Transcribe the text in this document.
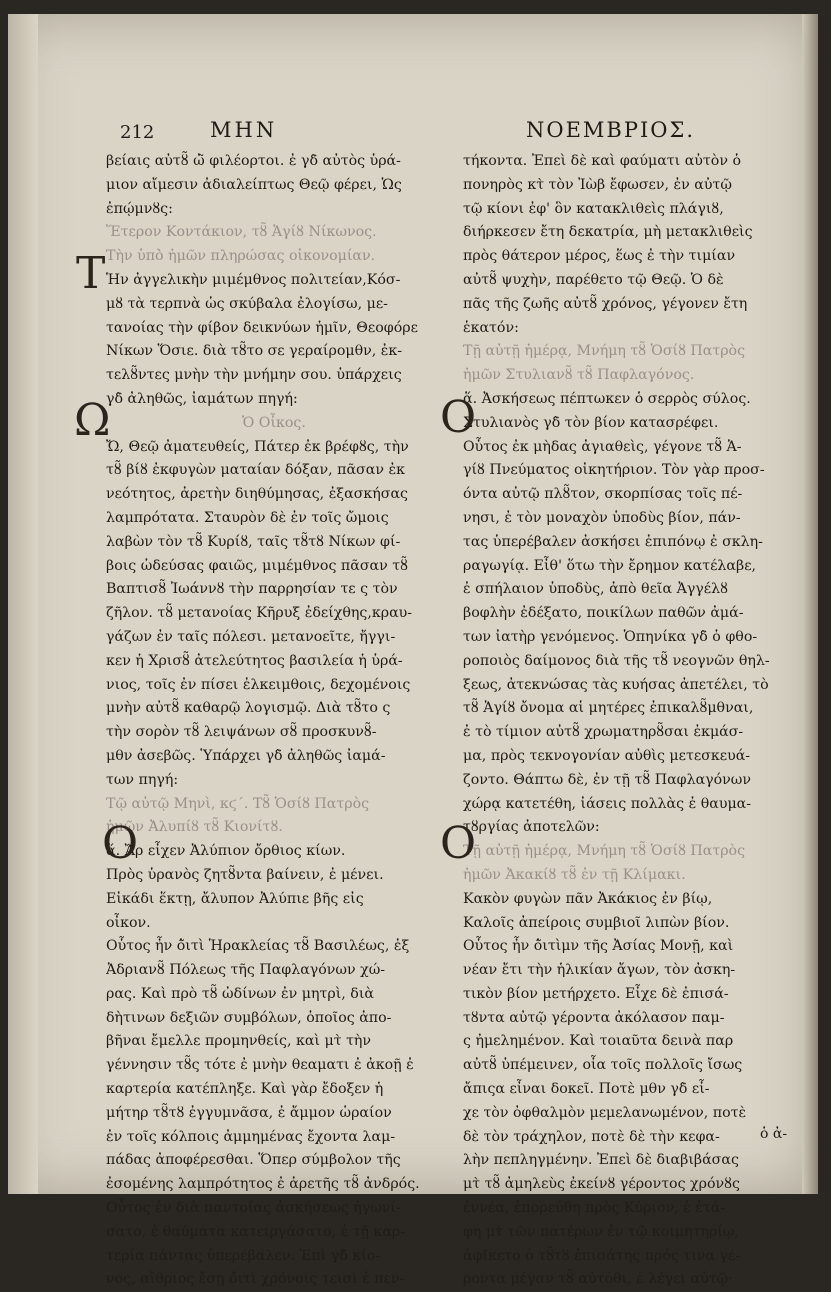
212	ΜΗΝ	ΝΟΕΜΒΡΙΟΣ.
βείαις αὐτȣ̃ ὠ̃ φιλέορτοι. ἐ γδ̀ αὐτὸς ὑρά-
μιον αἴμεσιν ἀδιαλείπτως Θεῷ φέρει, Ὡς
ἐπῴμνȣς:
Ἕτερον Κοντάκιον, τȣ̃ Ἁγίȣ Νίκωνος.
Τὴν ὑπὸ̀ ἡμῶν πληρώσας οἰκονομίαν.
Ἡν ἀγγελικὴν μιμέμθνος πολιτείαν,Κόσ-
μȣ τὰ τερπνὰ ὡς σκύβαλα ἐλογίσω, με-
τανοίας τὴν φίβον δεικνύων ἡμῖν, Θεοφόρε
Νίκων Ὅσιε. διὰ τȣ̃το σε γεραίρομθν, ἐκ-
τελȣ̃ντες μνὴν τὴν μνήμην σου. ὑπάρχεις
γδ̀ ἀληθῶς, ἰαμάτων πηγή:
Ὁ Οἶκος.
Ὤ, Θεῷ ἀματευθείς, Πάτερ ἐκ βρέφȣς, τὴν
τȣ̃ βίȣ ἐκφυγὼν ματαίαν δόξαν, πᾶσαν ἐκ
νεότητος, ἀρετὴν διηθύμησας, ἐξασκήσας
λαμπρότατα. Σταυρὸν δὲ ἐν τοῖς ὤμοις
λαβὼν τὸν τȣ̃ Κυρίȣ, ταῖς τȣ̃τȣ Νίκων φί-
βοις ὡδεύσας φαιῶς, μιμέμθνος πᾶσαν τȣ̃
Βαπτισȣ̃ Ἰωάννȣ τὴν παρρησίαν τε ς τὸν
ζῆλον. τȣ̃ μετανοίας Κῆρυξ ἐδείχθης,κραυ-
γάζων ἐν ταῖς πόλεσι. μετανοεῖτε, ἤγγι-
κεν ἡ Χρισȣ̃ ἀτελεύτητος βασιλεία ἡ ὑρά-
νιος, τοῖς ἐν πίσει ἐλκειμθοις, δεχομένοις
μνὴν αὐτȣ̃ καθαρῷ λογισμῷ. Διὰ τȣ̃το ς
τὴν σορὸν τȣ̃ λειψάνων σȣ̃ προσκυνȣ̃-
μθν ἀσεβῶς. Ὑπάρχει γδ̀ ἀληθῶς ἰαμά-
των πηγή:
Τῷ αὐτῷ Μηνὶ, κϛ΄. Τȣ̃ Ὁσίȣ Πατρὸς
ἡμῶν Ἀλυπίȣ τȣ̃ Κιονίτȣ.
ἅ. Ἄρ εἶχεν Ἀλύπιον ὄρθιος κίων.
Πρὸς ὑρανὸς ζητȣ̃ντα βαίνειν, ἐ μένει.
Εἰκάδι ἕκτῃ, ἄλυπον Ἀλύπιε βῆς εἰς
οἶκον.
Οὗτος ἦν ὁ̃ιτὶ Ἡρακλείας τȣ̃ Βασιλέως, ἐξ
Ἀδριανȣ̃ Πόλεως τῆς Παφλαγόνων χώ-
ρας. Καὶ πρὸ τȣ̃ ὠδίνων ἐν μητρὶ, διὰ
δὴτινων δεξιῶν συμβόλων, ὁποῖος ἀπο-
βῆναι ἔμελλε προμηνθείς, καὶ μτ̀ τὴν
γέννησιν τȣ̃ς τότε ἐ μνὴν θεαματι ἐ ἀκοῇ ἐ
καρτερία κατέπληξε. Καὶ γὰρ ἔδοξεν ἡ
μήτηρ τȣ̃τȣ ἐγγυμνᾶσα, ἐ ἄμμον ὡραίον
ἐν τοῖς κόλποις ἀμμημένας ἔχοντα λαμ-
πάδας ἀποφέρεσθαι. Ὅπερ σύμβολον τῆς
ἐσομένης λαμπρότητος ἐ ἀρετῆς τȣ̃ ἀνδρός.
Οὗτος ἐν διὰ παντοίας ἀσκήσεως ἠγωνί-
σατο, ἐ θαύματα κατειργάσατο, ἐ τῇ καρ-
τερία πάντας ὑπερέβαλεν. Ἐπὶ γδ̀ κίο-
νος, αἴθριος ἔσῃ ὁ̃ιτὶ χρόνοις τεισὶ ἐ πεν-
τήκοντα. Ἐπεὶ δὲ καὶ φαύματι αὐτὸν ὁ
πονηρὸς κτ̀ τὸν Ἰὼβ ἔφωσεν, ἐν αὐτῷ
τῷ κίονι ἐφ' ὃν κατακλιθεὶς πλάγιȣ,
διήρκεσεν ἔτη δεκατρία, μὴ μετακλιθεὶς
πρὸς θάτερον μέρος, ἕως ἐ τὴν τιμίαν
αὐτȣ̃ ψυχὴν, παρέθετο τῷ Θεῷ. Ὁ δὲ
πᾶς τῆς ζωῆς αὐτȣ̃ χρόνος, γέγονεν ἔτη
ἑκατόν:
Τῇ αὐτῇ ἡμέρᾳ, Μνήμη τȣ̃ Ὁσίȣ Πατρὸς
ἡμῶν Στυλιανȣ̃ τȣ̃ Παφλαγόνος.
ἅ. Ἀσκήσεως πέπτωκεν ὁ σερρὸς σύλος.
Στυλιανὸς γδ̀ τὸν βίον κατασρέφει.
Οὗτος ἐκ μὴδας ἀγιαθεὶς, γέγονε τȣ̃ Ἁ-
γίȣ Πνεύματος οἰκητήριον. Τὸν γὰρ προσ-
όντα αὐτῷ πλȣ̃τον, σκορπίσας τοῖς πέ-
νησι, ἐ τὸν μοναχὸν ὑποδὺς βίον, πάν-
τας ὑπερέβαλεν ἀσκήσει ἐπιπόνῳ ἐ σκλη-
ραγωγίᾳ. Εἶθ' ὅτω τὴν ἔρημον κατέλαβε,
ἐ σπήλαιον ὑποδὺς, ἀπὸ θεῖα Ἀγγέλȣ
βοφλὴν ἐδέξατο, ποικίλων παθῶν ἀμά-
των ἰατὴρ γενόμενος. Ὁπηνίκα γδ̀ ὁ φθο-
ροποιὸς δαίμονος διὰ τῆς τȣ̃ νεογνῶν θηλ-
ξεως, ἀτεκνώσας τὰς κυήσας ἀπετέλει, τὸ
τȣ̃ Ἁγίȣ ὄνομα αἱ μητέρες ἐπικαλȣ̃μθναι,
ἐ τὸ τίμιον αὐτȣ̃ χρωματηρȣ̃σαι ἐκμάσ-
μα, πρὸς τεκνογονίαν αὐθὶς μετεσκευά-
ζοντο. Θάπτω δὲ, ἐν τῇ τȣ̃ Παφλαγόνων
χώρᾳ κατετέθη, ἰάσεις πολλὰς ἐ θαυμα-
τȣργίας ἀποτελῶν:
Τῇ αὐτῇ ἡμέρᾳ, Μνήμη τȣ̃ Ὁσίȣ Πατρὸς
ἡμῶν Ἀκακίȣ τȣ̃ ἐν τῇ Κλίμακι.
Κακὸν φυγὼν πᾶν Ἀκάκιος ἐν βίῳ,
Καλοῖς ἀπείροις συμβιοῖ λιπὼν βίον.
Οὗτος ἦν ὁ̃ιτὶμν τῆς Ἀσίας Μονῇ, καὶ
νέαν ἔτι τὴν ἡλικίαν ἄγων, τὸν ἀσκη-
τικὸν βίον μετήρχετο. Εἶχε δὲ ἐπισά-
τȣντα αὐτῷ γέροντα ἀκόλασον παμ-
ς ἠμελημένον. Καὶ τοιαῦτα δεινὰ παρ
αὐτȣ̃ ὑπέμεινεν, οἷα τοῖς πολλοῖς ἴσως
ἄπιςα εἶναι δοκεῖ. Ποτὲ μθν γδ̀ εἶ-
χε τὸν ὀφθαλμὸν μεμελανωμένον, ποτὲ
δὲ τὸν τράχηλον, ποτὲ δὲ τὴν κεφα-
λὴν πεπληγμένην. Ἐπεὶ δὲ διαβιβάσας
μτ̀ τȣ̃ ἀμηλεὺς ἐκείνȣ γέροντος χρόνȣς
ἐννέα, ἐπορεύθη πρὸς Κύριον, ἐ ἐτά-
φη μτ̀ τῶν πατέρων ἐν τῷ κοιμητηρίῳ,
ἀφῖκετο ὁ τȣ̃τȣ ἐπισάτης πρός τινα γέ-
ροντα μέγαν τȣ̃ αὐτόθι, ἐ λέγει αὐτῷ·
Τ
Ω
Ο
Ο
Ο
ὁ ἀ-
